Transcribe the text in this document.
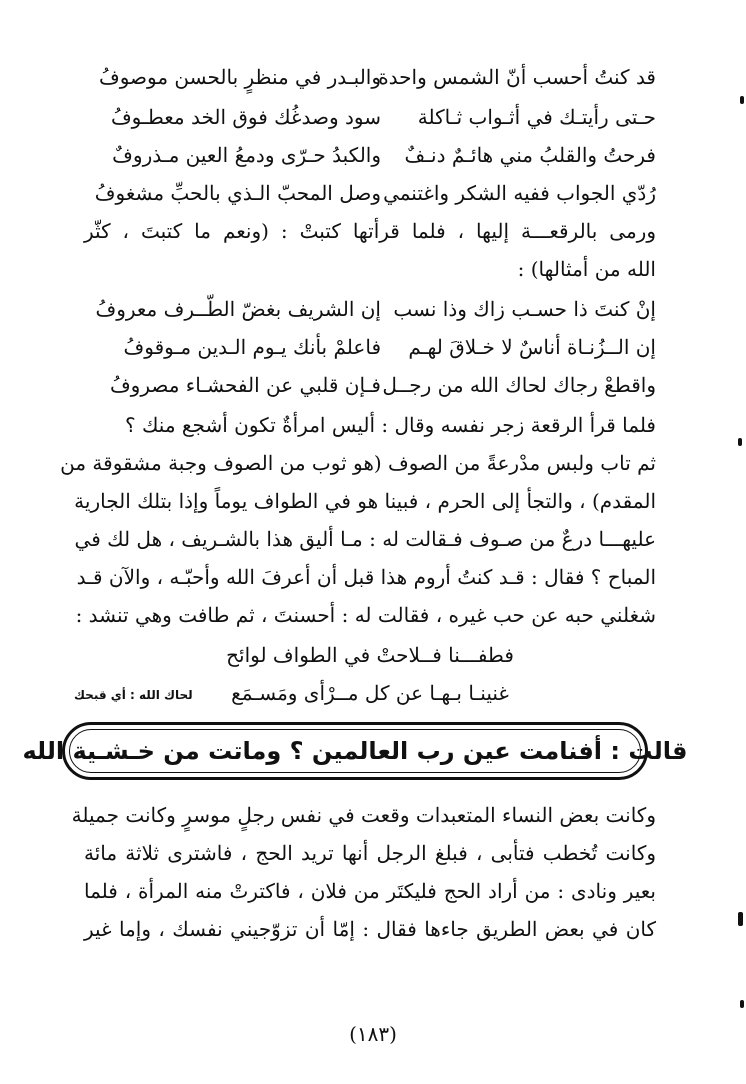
قد كنتُ أحسب أنّ الشمس واحدة
والبـدر في منظرٍ بالحسن موصوفُ
حـتى رأيتـك في أثـواب ثـاكلة
سود وصدغُك فوق الخد معطـوفُ
فرحتُ والقلبُ مني هائـمٌ دنـفٌ
والكبدُ حـرّى ودمعُ العين مـذروفٌ
رُدّي الجواب ففيه الشكر واغتنمي
وصل المحبّ الـذي بالحبِّ مشغوفُ
ورمى بالرقعـــة إليها ، فلما قرأتها كتبتْ : (ونعم ما كتبتَ ، كثّر
الله من أمثالها) :
إنْ كنتَ ذا حسـب زاك وذا نسب
إن الشريف بغضّ الطّــرف معروفُ
إن الــزُنـاة أناسٌ لا خـلاقَ لهـم
فاعلمْ بأنك يـوم الـدين مـوقوفُ
واقطعْ رجاك لحاك الله من رجــل
فـإن قلبي عن الفحشـاء مصروفُ
فلما قرأ الرقعة زجر نفسه وقال : أليس امرأةٌ تكون أشجع منك ؟
ثم تاب ولبس مدْرعةً من الصوف (هو ثوب من الصوف وجبة مشقوقة من
المقدم) ، والتجأ إلى الحرم ، فبينا هو في الطواف يوماً وإذا بتلك الجارية
عليهـــا درعٌ من صـوف فـقالت له : مـا أليق هذا بالشـريف ، هل لك في
المباح ؟ فقال : قـد كنتُ أروم هذا قبل أن أعرفَ الله وأحبّـه ، والآن قـد
شغلني حبه عن حب غيره ، فقالت له : أحسنتَ ، ثم طافت وهي تنشد :
فطفـــنا فــلاحتْ في الطواف لوائح
غنينـا بـهـا عن كل مــرْأى ومَسـمَع
لحاك الله : أي قبحك
قالت : أفنامت عين رب العالمين ؟ وماتت من خـشـية الله
وكانت بعض النساء المتعبدات وقعت في نفس رجلٍ موسرٍ وكانت جميلة
وكانت تُخطب فتأبى ، فبلغ الرجل أنها تريد الحج ، فاشترى ثلاثة مائة
بعير ونادى : من أراد الحج فليكتَر من فلان ، فاكترتْ منه المرأة ، فلما
كان في بعض الطريق جاءها فقال : إمّا أن تزوّجيني نفسك ، وإما غير
(١٨٣)
